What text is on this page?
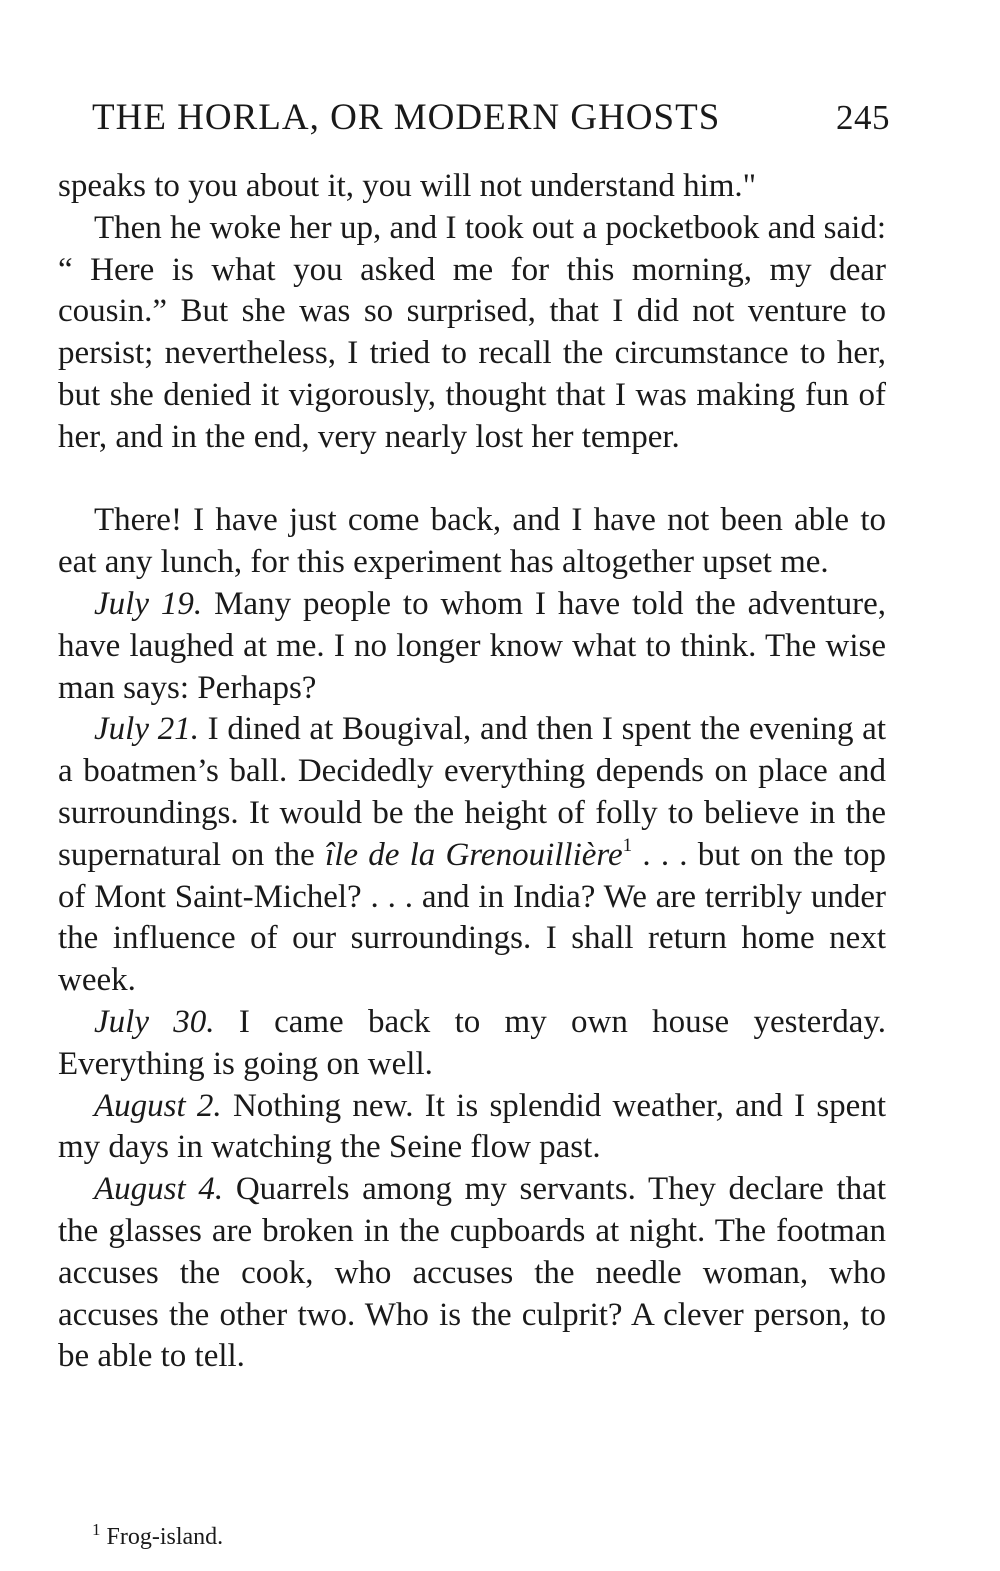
THE HORLA, OR MODERN GHOSTS	245

speaks to you about it, you will not understand him."

Then he woke her up, and I took out a pocketbook and said: “ Here is what you asked me for this morning, my dear cousin.” But she was so surprised, that I did not venture to persist; nevertheless, I tried to recall the circumstance to her, but she denied it vigorously, thought that I was making fun of her, and in the end, very nearly lost her temper.

There! I have just come back, and I have not been able to eat any lunch, for this experiment has altogether upset me.

July 19. Many people to whom I have told the adventure, have laughed at me. I no longer know what to think. The wise man says: Perhaps?

July 21. I dined at Bougival, and then I spent the evening at a boatmen’s ball. Decidedly everything depends on place and surroundings. It would be the height of folly to believe in the supernatural on the île de la Grenouillière$^1$ . . . but on the top of Mont Saint-Michel? . . . and in India? We are terribly under the influence of our surroundings. I shall return home next week.

July 30. I came back to my own house yesterday. Everything is going on well.

August 2. Nothing new. It is splendid weather, and I spent my days in watching the Seine flow past.

August 4. Quarrels among my servants. They declare that the glasses are broken in the cupboards at night. The footman accuses the cook, who accuses the needle woman, who accuses the other two. Who is the culprit? A clever person, to be able to tell.

$^1$ Frog-island.
